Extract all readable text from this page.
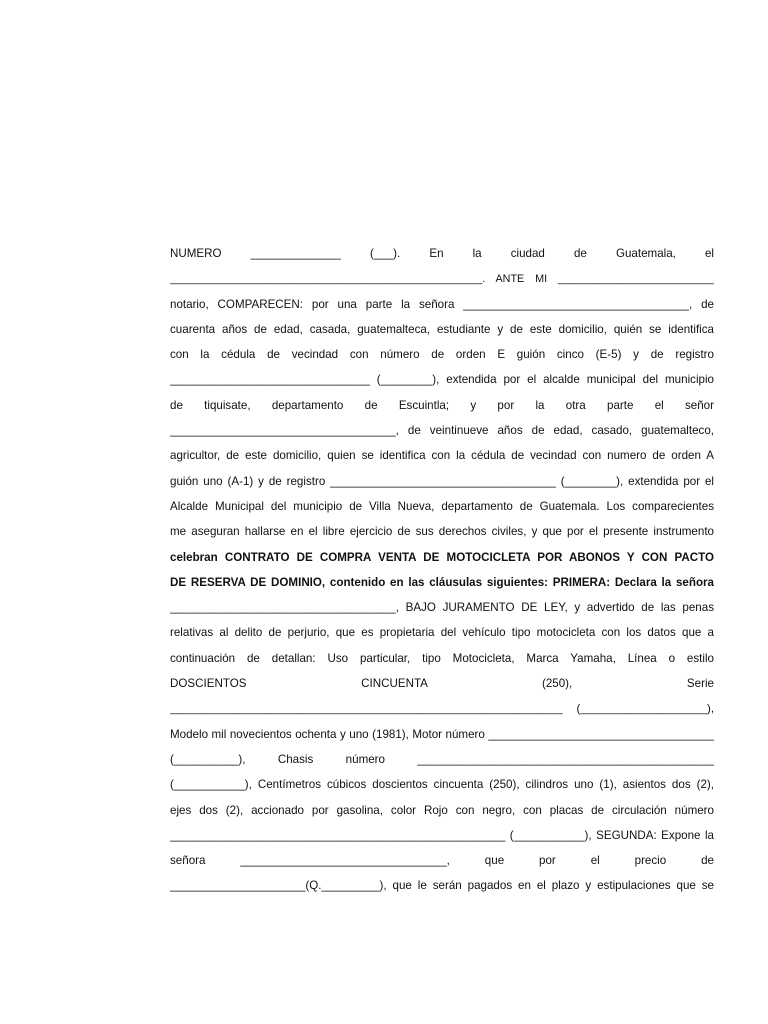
NUMERO ______________ (___). En la ciudad de Guatemala, el
____________________________________________________. ANTE MI __________________________
notario, COMPARECEN: por una parte la señora ___________________________________, de
cuarenta años de edad, casada, guatemalteca, estudiante y de este domicilio, quién se identifica
con la cédula de vecindad con número de orden E guión cinco (E-5) y de registro
_______________________________ (________), extendida por el alcalde municipal del municipio
de tiquisate, departamento de Escuintla; y por la otra parte el señor
___________________________________, de veintinueve años de edad, casado, guatemalteco,
agricultor, de este domicilio, quien se identifica con la cédula de vecindad con numero de orden A
guión uno (A-1) y de registro ___________________________________ (________), extendida por el
Alcalde Municipal del municipio de Villa Nueva, departamento de Guatemala. Los comparecientes
me aseguran hallarse en el libre ejercicio de sus derechos civiles, y que por el presente instrumento
celebran CONTRATO DE COMPRA VENTA DE MOTOCICLETA POR ABONOS Y CON PACTO
DE RESERVA DE DOMINIO, contenido en las cláusulas siguientes: PRIMERA: Declara la señora
___________________________________, BAJO JURAMENTO DE LEY, y advertido de las penas
relativas al delito de perjurio, que es propietaria del vehículo tipo motocicleta con los datos que a
continuación de detallan: Uso particular, tipo Motocicleta, Marca Yamaha, Línea o estilo
DOSCIENTOS CINCUENTA (250), Serie
______________________________________________________________ (____________________),
Modelo mil novecientos ochenta y uno (1981), Motor número ___________________________________
(__________), Chasis número ______________________________________________
(___________), Centímetros cúbicos doscientos cincuenta (250), cilindros uno (1), asientos dos (2),
ejes dos (2), accionado por gasolina, color Rojo con negro, con placas de circulación número
____________________________________________________ (___________), SEGUNDA: Expone la
señora ________________________________, que por el precio de
_____________________(Q._________), que le serán pagados en el plazo y estipulaciones que se
